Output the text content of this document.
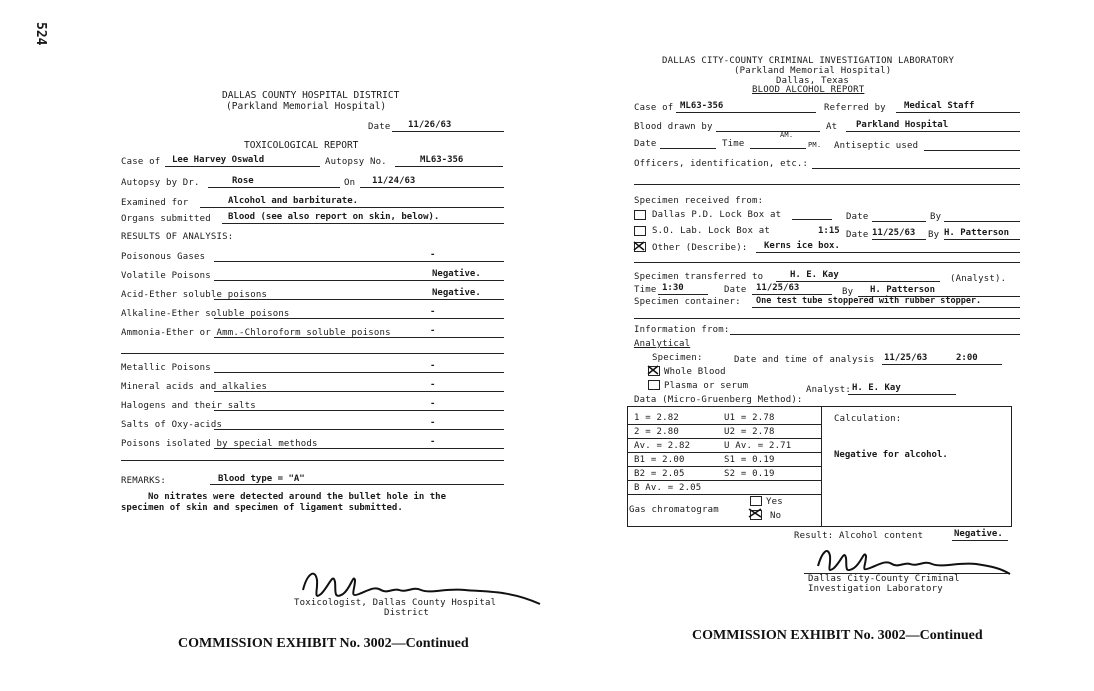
524
DALLAS COUNTY HOSPITAL DISTRICT
(Parkland Memorial Hospital)
Date 11/26/63
TOXICOLOGICAL REPORT
Case of Lee Harvey Oswald	Autopsy No.	ML63-356
Autopsy by Dr.	Rose	On 11/24/63
Examined for	Alcohol and barbiturate.
Organs submitted Blood (see also report on skin, below).
RESULTS OF ANALYSIS:
Poisonous Gases	-
Volatile Poisons	Negative.
Acid-Ether soluble poisons	Negative.
Alkaline-Ether soluble poisons	-
Ammonia-Ether or Amm.-Chloroform soluble poisons	-
Metallic Poisons	-
Mineral acids and alkalies	-
Halogens and their salts	-
Salts of Oxy-acids	-
Poisons isolated by special methods	-
REMARKS:	Blood type = "A"
No nitrates were detected around the bullet hole in the
specimen of skin and specimen of ligament submitted.
Toxicologist, Dallas County Hospital
District
COMMISSION EXHIBIT No. 3002—Continued
DALLAS CITY-COUNTY CRIMINAL INVESTIGATION LABORATORY
(Parkland Memorial Hospital)
Dallas, Texas
BLOOD ALCOHOL REPORT
Case of ML63-356	Referred by Medical Staff
Blood drawn by	At Parkland Hospital
Date	Time
AM.
PM. Antiseptic used
Officers, identification, etc.:
Specimen received from:
Dallas P.D. Lock Box at	Date	By
S.O. Lab. Lock Box at	1:15 Date 11/25/63 By H. Patterson
Other (Describe): Kerns ice box.
Specimen transferred to	H. E. Kay	(Analyst).
Time 1:30	Date 11/25/63	By H. Patterson
Specimen container: One test tube stoppered with rubber stopper.
Information from:
Analytical
Specimen:	Date and time of analysis 11/25/63	2:00
Whole Blood
Plasma or serum	Analyst: H. E. Kay
Data (Micro-Gruenberg Method):
1 = 2.82	U1 = 2.78
2 = 2.80	U2 = 2.78
Av. = 2.82	U Av. = 2.71
B1 = 2.00	S1 = 0.19
B2 = 2.05	S2 = 0.19
B Av. = 2.05
Calculation:
Negative for alcohol.
Yes
Gas chromatogram
No
Result: Alcohol content	Negative.
Dallas City-County Criminal
Investigation Laboratory
COMMISSION EXHIBIT No. 3002—Continued
